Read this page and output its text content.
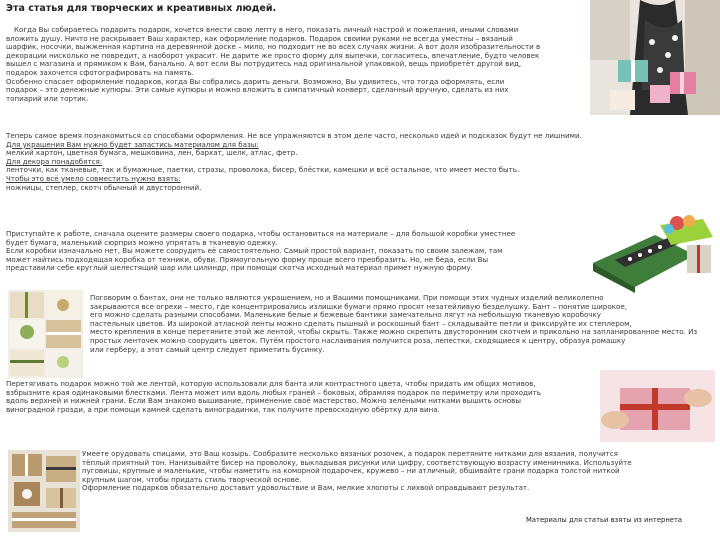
Эта статья для творческих и креативных людей.
Когда Вы собираетесь подарить подарок, хочется внести свою лепту в него, показать личный настрой и пожелания, иными словами
вложить душу. Ничто не раскрывает Ваш характер, как оформление подарков. Подарок своими руками не всегда уместны – вязаный
шарфик, носочки, выжженная картина на деревянной доске – мило, но подходит не во всех случаях жизни. А вот доля изобразительности в
декорации нисколько не повредит, а наоборот украсит. Не дарите же просто форму для выпечки, согласитесь, впечатление, будто человек
вышел с магазина и прямиком к Вам, банально. А вот если Вы потрудитесь над оригинальной упаковкой, вещь приобретёт другой вид,
подарок захочется сфотографировать на память.
Особенно спасает оформление подарков, когда Вы собрались дарить деньги. Возможно, Вы удивитесь, что тогда оформлять, если
подарок – это денежные купюры. Эти самые купюры и можно вложить в симпатичный конверт, сделанный вручную, сделать из них
топиарий или тортик.
Теперь самое время познакомиться со способами оформления. Не все упражняются в этом деле часто, несколько идей и подсказок будут не лишними.
Для украшения Вам нужно будет запастись материалом для базы:
мелкий картон, цветная бумага, мешковина, лен, бархат, шелк, атлас, фетр.
Для декора понадобятся:
ленточки, как тканевые, так и бумажные, паетки, стразы, проволока, бисер, блёстки, камешки и всё остальное, что имеет место быть.
Чтобы это всё умело совместить нужно взять:
ножницы, степлер, скотч обычный и двусторонний.
Приступайте к работе, сначала оцените размеры своего подарка, чтобы остановиться на материале – для большой коробки уместнее
будет бумага, маленький сюрприз можно упрятать в тканевую одежку.
Если коробки изначально нет, Вы можете соорудить её самостоятельно. Самый простой вариант, показать по своим залежам, там
может найтись подходящая коробка от техники, обуви. Прямоугольную форму проще всего преобразить. Но, не беда, если Вы
представили себе круглый шелестящий шар или цилиндр, при помощи скотча исходный материал примет нужную форму.
Поговорим о бантах, они не только являются украшением, но и Вашими помощниками. При помощи этих чудных изделий великолепно
закрываются все огрехи – место, где концентрировались излишки бумаги прямо просят незатейливую безделушку. Бант – понятие широкое,
его можно сделать разными способами. Маленькие белые и бежевые бантики замечательно лягут на небольшую тканевую коробочку
пастельных цветов. Из широкой атласной ленты можно сделать пышный и роскошный бант – складывайте петли и фиксируйте их степлером,
место крепления в конце перетяните этой же лентой, чтобы скрыть. Также можно скрепить двусторонним скотчем и прикольно на запланированное место. Из
простых ленточек можно соорудить цветок. Путём простого наслаивания получится роза, лепестки, сходящиеся к центру, образуя ромашку
или герберу, а этот самый центр следует приметить бусинку.
Перетягивать подарок можно той же лентой, которую использовали для банта или контрастного цвета, чтобы придать им общих мотивов,
взбрызните края одинаковыми блестками. Лента может или вдоль любых граней – боковых, обрамляя подарок по периметру или проходить
вдоль верхней и нижней грани. Если Вам знакомо вышивание, применение своё мастерство. Можно зелёными нитками вышить основы
виноградной грозди, а при помощи камней сделать виноградинки, так получите превосходную обёртку для вина.
Умеете орудовать спицами, это Ваш козырь. Сообразите несколько вязаных розочек, а подарок перетяните нитками для вязания, получится
тёплый приятный тон. Нанизывайте бисер на проволоку, выкладывая рисунки или цифру, соответствующую возрасту именинника. Используйте
пуговицы, крупные и маленькие, чтобы наметить на коморной подарочек, кружево – ни атличный, обшивайте грани подарка толстой ниткой
крупным шагом, чтобы придать стиль творческой основе.
Оформление подарков обязательно доставит удовольствие и Вам, мелкие хлопоты с лихвой оправдывают результат.
Материалы для статьи взяты из интернета
